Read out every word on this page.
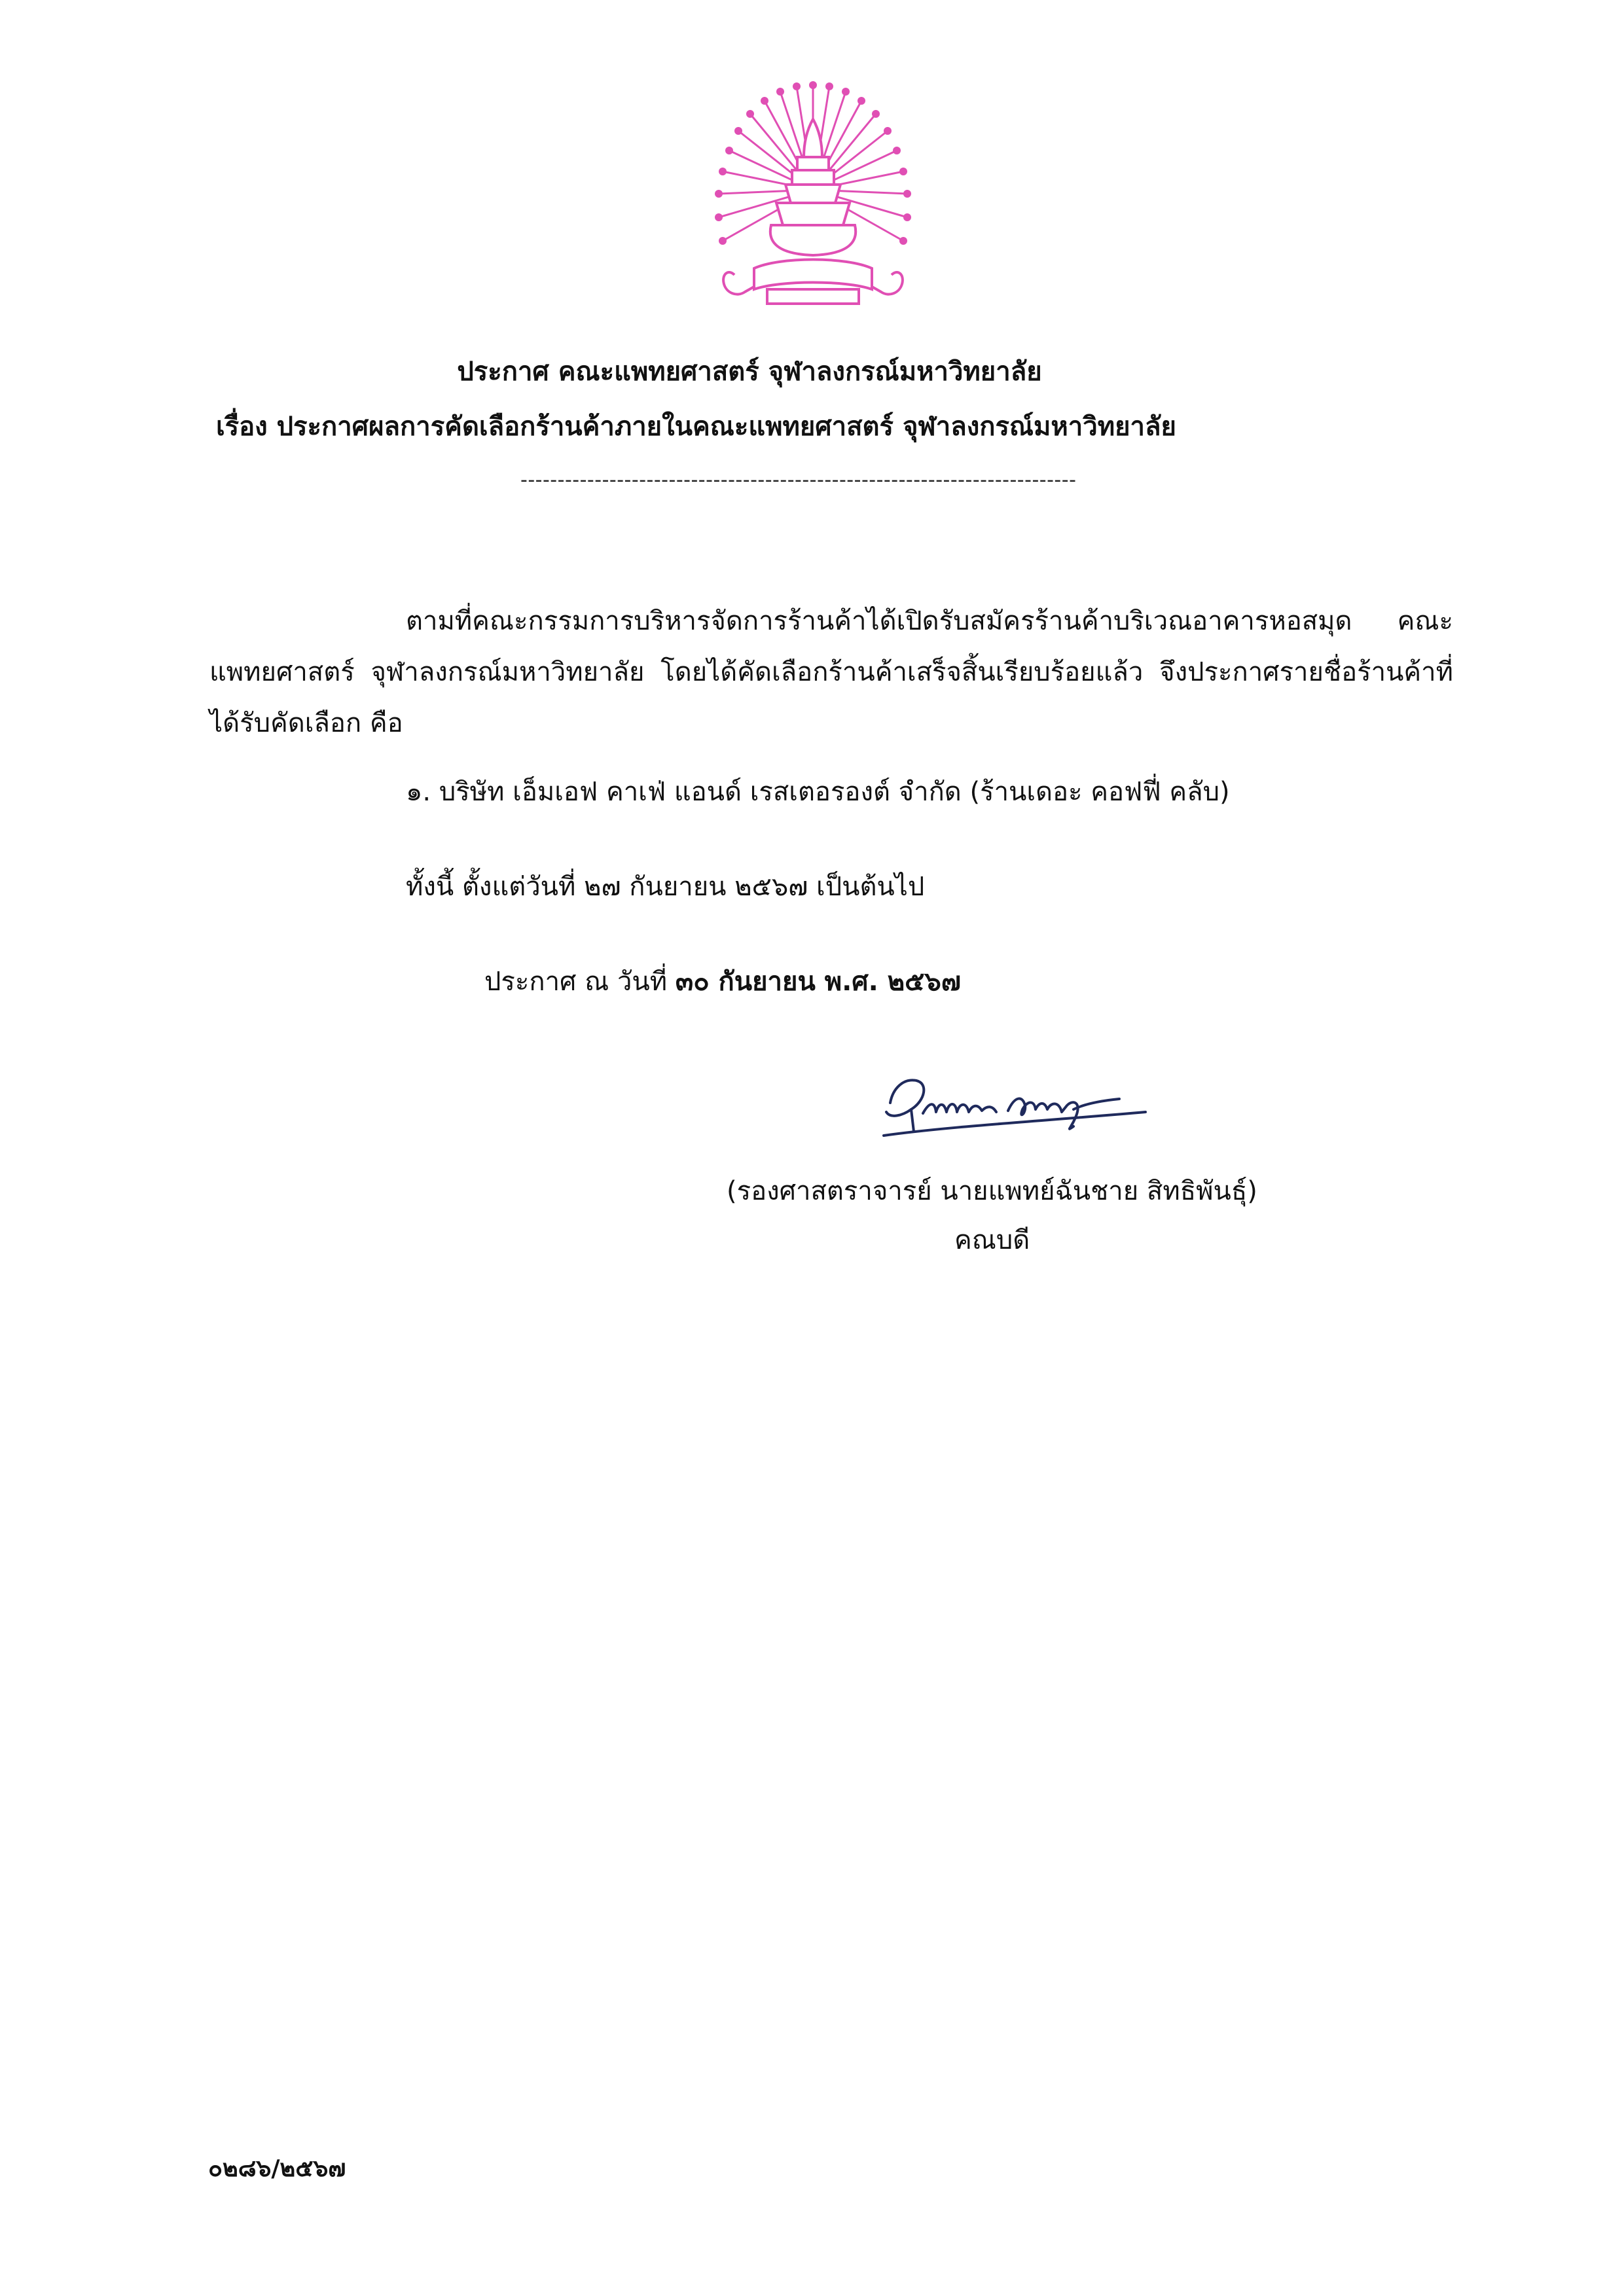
ประกาศ คณะแพทยศาสตร์ จุฬาลงกรณ์มหาวิทยาลัย
เรื่อง ประกาศผลการคัดเลือกร้านค้าภายในคณะแพทยศาสตร์ จุฬาลงกรณ์มหาวิทยาลัย
---------------------------------------------------------------------------
ตามที่คณะกรรมการบริหารจัดการร้านค้าได้เปิดรับสมัครร้านค้าบริเวณอาคารหอสมุด คณะแพทยศาสตร์ จุฬาลงกรณ์มหาวิทยาลัย โดยได้คัดเลือกร้านค้าเสร็จสิ้นเรียบร้อยแล้ว จึงประกาศรายชื่อร้านค้าที่ได้รับคัดเลือก คือ
๑. บริษัท เอ็มเอฟ คาเฟ่ แอนด์ เรสเตอรองต์ จำกัด (ร้านเดอะ คอฟฟี่ คลับ)
ทั้งนี้ ตั้งแต่วันที่ ๒๗ กันยายน ๒๕๖๗ เป็นต้นไป
ประกาศ ณ วันที่ ๓๐ กันยายน พ.ศ. ๒๕๖๗
(รองศาสตราจารย์ นายแพทย์ฉันชาย สิทธิพันธุ์)
คณบดี
๐๒๘๖/๒๕๖๗
